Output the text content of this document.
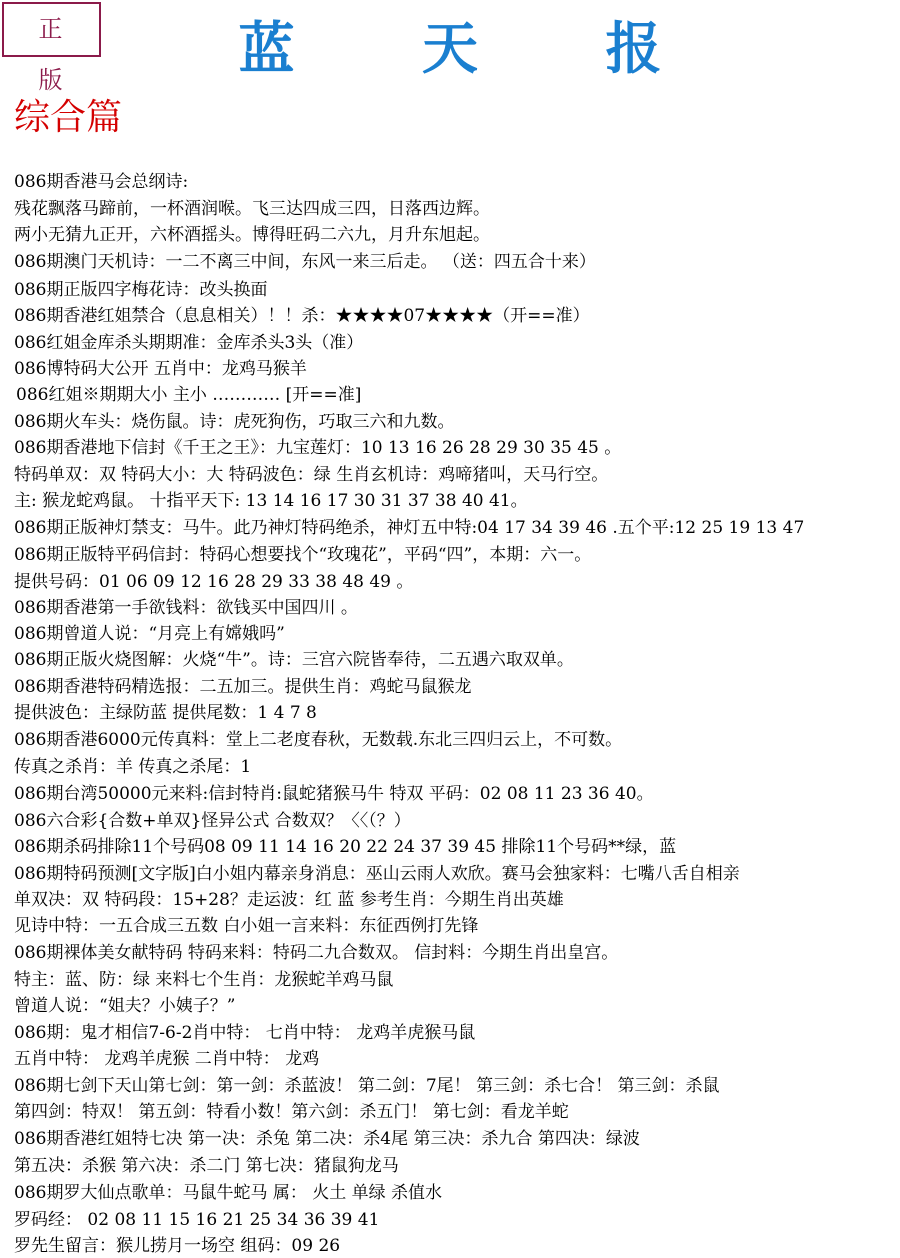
正 版	蓝 天 报
综合篇
086期香港马会总纲诗:
残花飘落马蹄前，一杯酒润喉。飞三达四成三四，日落西边辉。
两小无猜九正开，六杯酒摇头。博得旺码二六九，月升东旭起。
086期澳门天机诗：一二不离三中间，东风一来三后走。 （送：四五合十来）
086期正版四字梅花诗：改头换面
086期香港红姐禁合（息息相关）！！杀：★★★★07★★★★（开==准）
086红姐金库杀头期期准：金库杀头3头（准）
086博特码大公开 五肖中：龙鸡马猴羊
086红姐※期期大小 主小 ………… [开==准]
086期火车头：烧伤鼠。诗：虎死狗伤，巧取三六和九数。
086期香港地下信封《千王之王》：九宝莲灯：10 13 16 26 28 29 30 35 45 。
特码单双：双 特码大小：大 特码波色：绿 生肖玄机诗：鸡啼猪叫，天马行空。
主: 猴龙蛇鸡鼠。 十指平天下: 13 14 16 17 30 31 37 38 40 41。
086期正版神灯禁支：马牛。此乃神灯特码绝杀，神灯五中特:04 17 34 39 46 .五个平:12 25 19 13 47
086期正版特平码信封：特码心想要找个“玫瑰花”，平码“四”，本期：六一。
提供号码：01 06 09 12 16 28 29 33 38 48 49 。
086期香港第一手欲钱料：欲钱买中国四川 。
086期曾道人说：“月亮上有嫦娥吗”
086期正版火烧图解：火烧“牛”。诗：三宫六院皆奉待，二五遇六取双单。
086期香港特码精选报：二五加三。提供生肖：鸡蛇马鼠猴龙
提供波色：主绿防蓝 提供尾数：1 4 7 8
086期香港6000元传真料：堂上二老度春秋，无数载.东北三四归云上，不可数。
传真之杀肖：羊 传真之杀尾：1
086期台湾50000元来料:信封特肖:鼠蛇猪猴马牛 特双 平码：02 08 11 23 36 40。
086六合彩{合数+单双}怪异公式 合数双？〈〈（？）
086期杀码排除11个号码08 09 11 14 16 20 22 24 37 39 45 排除11个号码**绿，蓝
086期特码预测[文字版]白小姐内幕亲身消息：巫山云雨人欢欣。赛马会独家料：七嘴八舌自相亲
单双决：双 特码段：15+28？走运波：红 蓝 参考生肖：今期生肖出英雄
见诗中特：一五合成三五数 白小姐一言来料：东征西例打先锋
086期裸体美女献特码 特码来料：特码二九合数双。 信封料：今期生肖出皇宫。
特主：蓝、防：绿 来料七个生肖：龙猴蛇羊鸡马鼠
曾道人说：“姐夫？小姨子？”
086期：鬼才相信7-6-2肖中特： 七肖中特： 龙鸡羊虎猴马鼠
五肖中特： 龙鸡羊虎猴 二肖中特： 龙鸡
086期七剑下天山第七剑：第一剑：杀蓝波！ 第二剑：7尾！ 第三剑：杀七合！ 第三剑：杀鼠
第四剑：特双！ 第五剑：特看小数！第六剑：杀五门！ 第七剑：看龙羊蛇
086期香港红姐特七决 第一决：杀兔 第二决：杀4尾 第三决：杀九合 第四决：绿波
第五决：杀猴 第六决：杀二门 第七决：猪鼠狗龙马
086期罗大仙点歌单：马鼠牛蛇马 属： 火土 单绿 杀值水
罗码经： 02 08 11 15 16 21 25 34 36 39 41
罗先生留言：猴儿捞月一场空 组码：09 26
